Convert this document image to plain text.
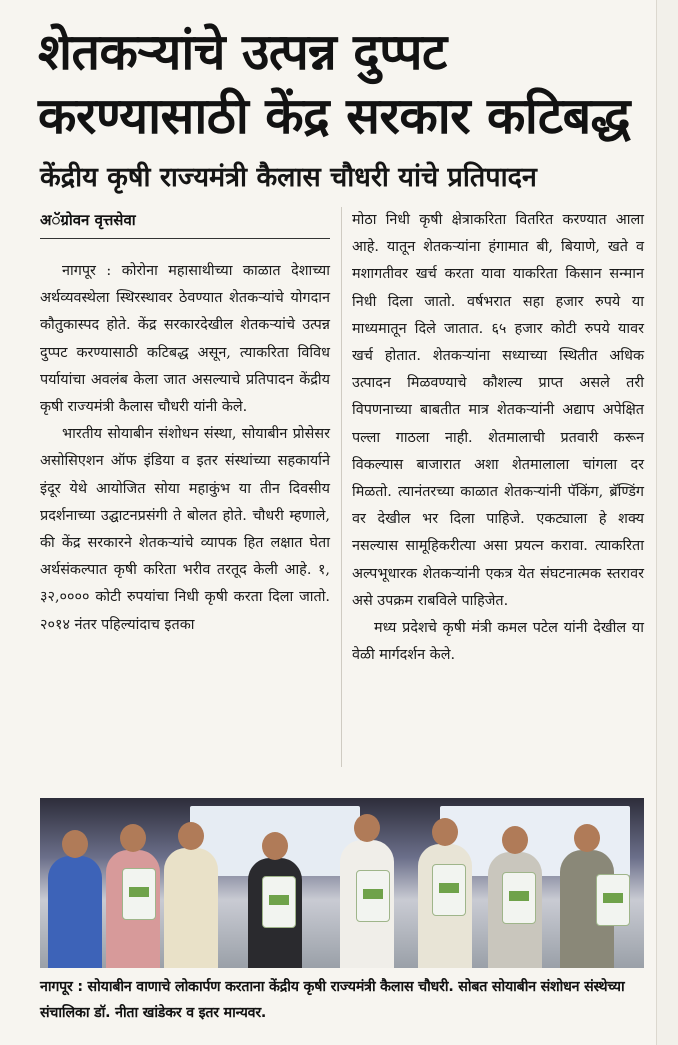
शेतकऱ्यांचे उत्पन्न दुप्पट करण्यासाठी केंद्र सरकार कटिबद्ध
केंद्रीय कृषी राज्यमंत्री कैलास चौधरी यांचे प्रतिपादन
अॅग्रोवन वृत्तसेवा

नागपूर : कोरोना महासाथीच्या काळात देशाच्या अर्थव्यवस्थेला स्थिरस्थावर ठेवण्यात शेतकऱ्यांचे योगदान कौतुकास्पद होते. केंद्र सरकारदेखील शेतकऱ्यांचे उत्पन्न दुप्पट करण्यासाठी कटिबद्ध असून, त्याकरिता विविध पर्यायांचा अवलंब केला जात असल्याचे प्रतिपादन केंद्रीय कृषी राज्यमंत्री कैलास चौधरी यांनी केले.

भारतीय सोयाबीन संशोधन संस्था, सोयाबीन प्रोसेसर असोसिएशन ऑफ इंडिया व इतर संस्थांच्या सहकार्याने इंदूर येथे आयोजित सोया महाकुंभ या तीन दिवसीय प्रदर्शनाच्या उद्घाटनप्रसंगी ते बोलत होते. चौधरी म्हणाले, की केंद्र सरकारने शेतकऱ्यांचे व्यापक हित लक्षात घेता अर्थसंकल्पात कृषी करिता भरीव तरतूद केली आहे. १, ३२,०००० कोटी रुपयांचा निधी कृषी करता दिला जातो. २०१४ नंतर पहिल्यांदाच इतका

मोठा निधी कृषी क्षेत्राकरिता वितरित करण्यात आला आहे. यातून शेतकऱ्यांना हंगामात बी, बियाणे, खते व मशागतीवर खर्च करता यावा याकरिता किसान सन्मान निधी दिला जातो. वर्षभरात सहा हजार रुपये या माध्यमातून दिले जातात. ६५ हजार कोटी रुपये यावर खर्च होतात. शेतकऱ्यांना सध्याच्या स्थितीत अधिक उत्पादन मिळवण्याचे कौशल्य प्राप्त असले तरी विपणनाच्या बाबतीत मात्र शेतकऱ्यांनी अद्याप अपेक्षित पल्ला गाठला नाही. शेतमालाची प्रतवारी करून विकल्यास बाजारात अशा शेतमालाला चांगला दर मिळतो. त्यानंतरच्या काळात शेतकऱ्यांनी पॅकिंग, ब्रॅण्डिंग वर देखील भर दिला पाहिजे. एकट्याला हे शक्य नसल्यास सामूहिकरीत्या असा प्रयत्न करावा. त्याकरिता अल्पभूधारक शेतकऱ्यांनी एकत्र येत संघटनात्मक स्तरावर असे उपक्रम राबविले पाहिजेत.

मध्य प्रदेशचे कृषी मंत्री कमल पटेल यांनी देखील या वेळी मार्गदर्शन केले.

नागपूर : सोयाबीन वाणाचे लोकार्पण करताना केंद्रीय कृषी राज्यमंत्री कैलास चौधरी. सोबत सोयाबीन संशोधन संस्थेच्या संचालिका डॉ. नीता खांडेकर व इतर मान्यवर.
